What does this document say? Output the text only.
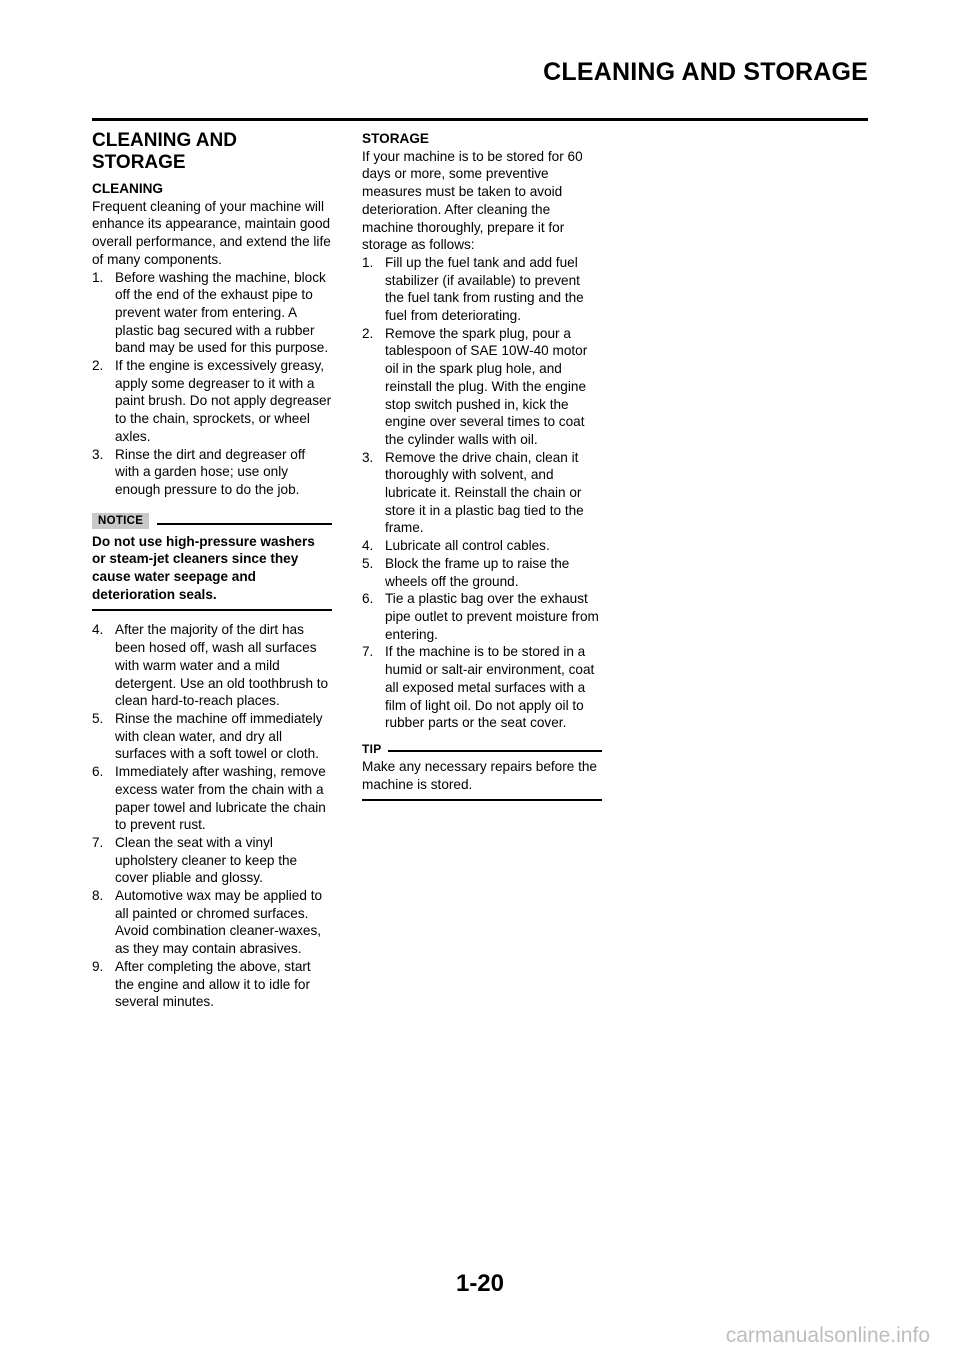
CLEANING AND STORAGE
CLEANING AND STORAGE
CLEANING

Frequent cleaning of your machine will enhance its appearance, maintain good overall performance, and extend the life of many components.

1. Before washing the machine, block off the end of the exhaust pipe to prevent water from entering. A plastic bag secured with a rubber band may be used for this purpose.
2. If the engine is excessively greasy, apply some degreaser to it with a paint brush. Do not apply degreaser to the chain, sprockets, or wheel axles.
3. Rinse the dirt and degreaser off with a garden hose; use only enough pressure to do the job.
NOTICE
Do not use high-pressure washers or steam-jet cleaners since they cause water seepage and deterioration seals.
4. After the majority of the dirt has been hosed off, wash all surfaces with warm water and a mild detergent. Use an old toothbrush to clean hard-to-reach places.
5. Rinse the machine off immediately with clean water, and dry all surfaces with a soft towel or cloth.
6. Immediately after washing, remove excess water from the chain with a paper towel and lubricate the chain to prevent rust.
7. Clean the seat with a vinyl upholstery cleaner to keep the cover pliable and glossy.
8. Automotive wax may be applied to all painted or chromed surfaces. Avoid combination cleaner-waxes, as they may contain abrasives.
9. After completing the above, start the engine and allow it to idle for several minutes.
STORAGE

If your machine is to be stored for 60 days or more, some preventive measures must be taken to avoid deterioration. After cleaning the machine thoroughly, prepare it for storage as follows:

1. Fill up the fuel tank and add fuel stabilizer (if available) to prevent the fuel tank from rusting and the fuel from deteriorating.
2. Remove the spark plug, pour a tablespoon of SAE 10W-40 motor oil in the spark plug hole, and reinstall the plug. With the engine stop switch pushed in, kick the engine over several times to coat the cylinder walls with oil.
3. Remove the drive chain, clean it thoroughly with solvent, and lubricate it. Reinstall the chain or store it in a plastic bag tied to the frame.
4. Lubricate all control cables.
5. Block the frame up to raise the wheels off the ground.
6. Tie a plastic bag over the exhaust pipe outlet to prevent moisture from entering.
7. If the machine is to be stored in a humid or salt-air environment, coat all exposed metal surfaces with a film of light oil. Do not apply oil to rubber parts or the seat cover.
TIP
Make any necessary repairs before the machine is stored.
1-20
carmanualsonline.info
